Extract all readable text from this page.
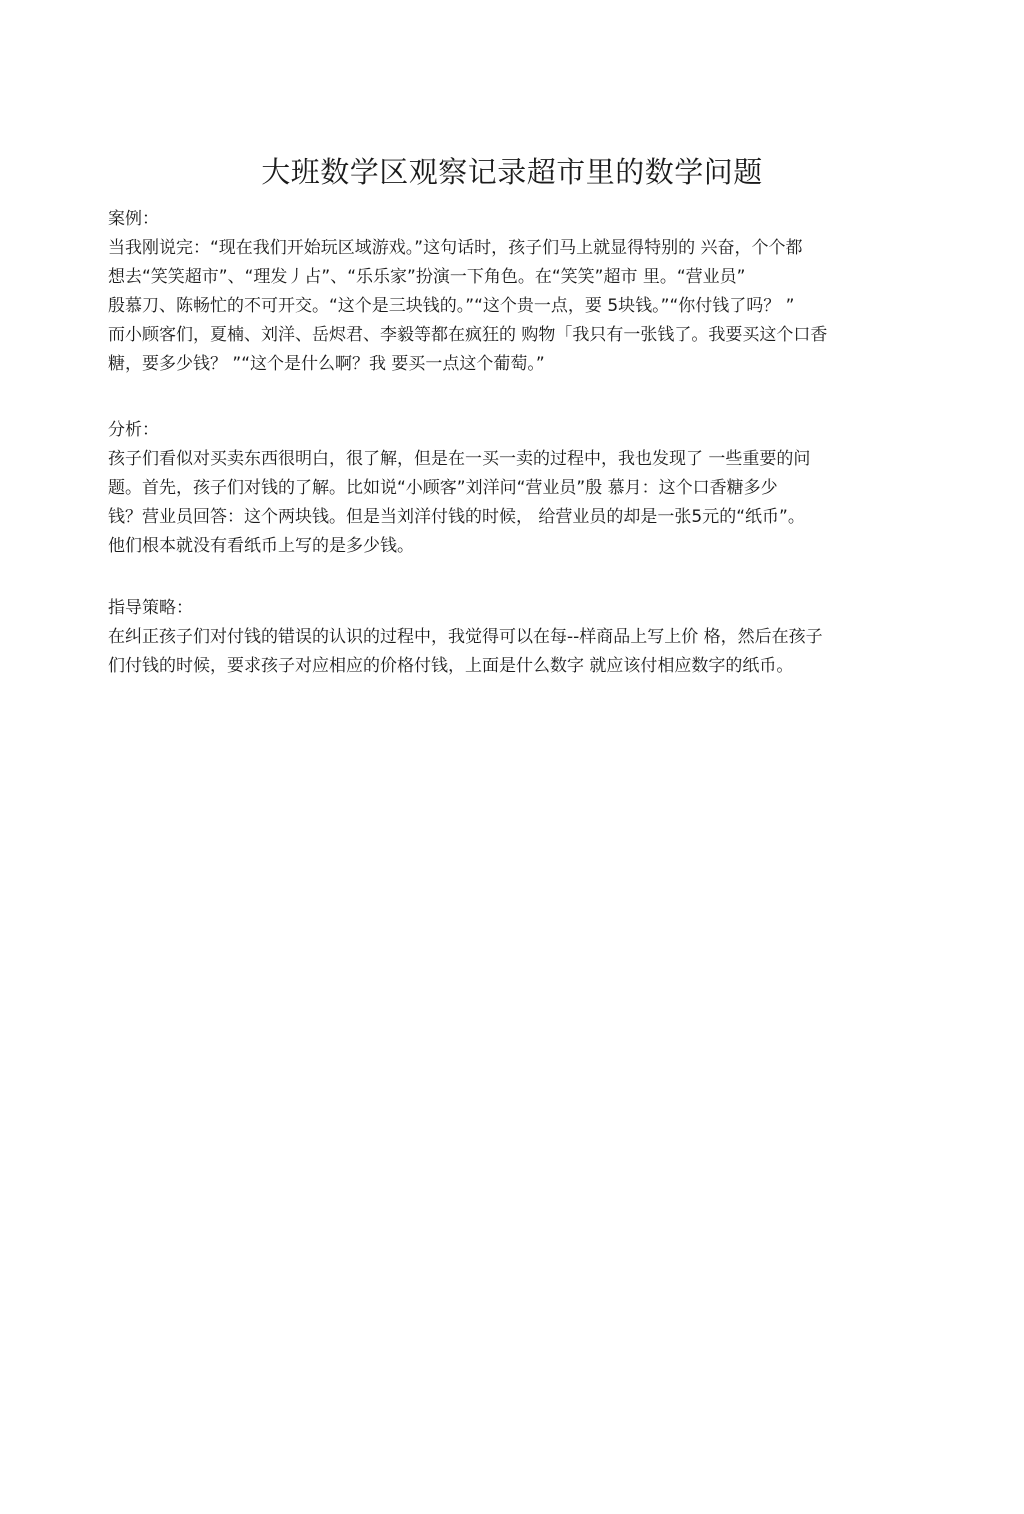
大班数学区观察记录超市里的数学问题

案例：

当我刚说完：“现在我们开始玩区域游戏。”这句话时，孩子们马上就显得特别的 兴奋，个个都
想去“笑笑超市”、“理发丿占”、“乐乐家”扮演一下角色。在“笑笑”超市 里。“营业员”
殷慕刀、陈畅忙的不可开交。“这个是三块钱的。”“这个贵一点，要 5块钱。”“你付钱了吗？ ”
而小顾客们，夏楠、刘洋、岳烬君、李毅等都在疯狂的 购物「我只有一张钱了。我要买这个口香
糖，要多少钱？ ”“这个是什么啊？我 要买一点这个葡萄。”

分析：

孩子们看似对买卖东西很明白，很了解，但是在一买一卖的过程中，我也发现了 一些重要的问
题。首先，孩子们对钱的了解。比如说“小顾客”刘洋问“营业员”殷 慕月：这个口香糖多少
钱？营业员回答：这个两块钱。但是当刘洋付钱的时候， 给营业员的却是一张5元的“纸币”。
他们根本就没有看纸币上写的是多少钱。

指导策略：

在纠正孩子们对付钱的错误的认识的过程中，我觉得可以在每--样商品上写上价 格，然后在孩子
们付钱的时候，要求孩子对应相应的价格付钱，上面是什么数字 就应该付相应数字的纸币。
